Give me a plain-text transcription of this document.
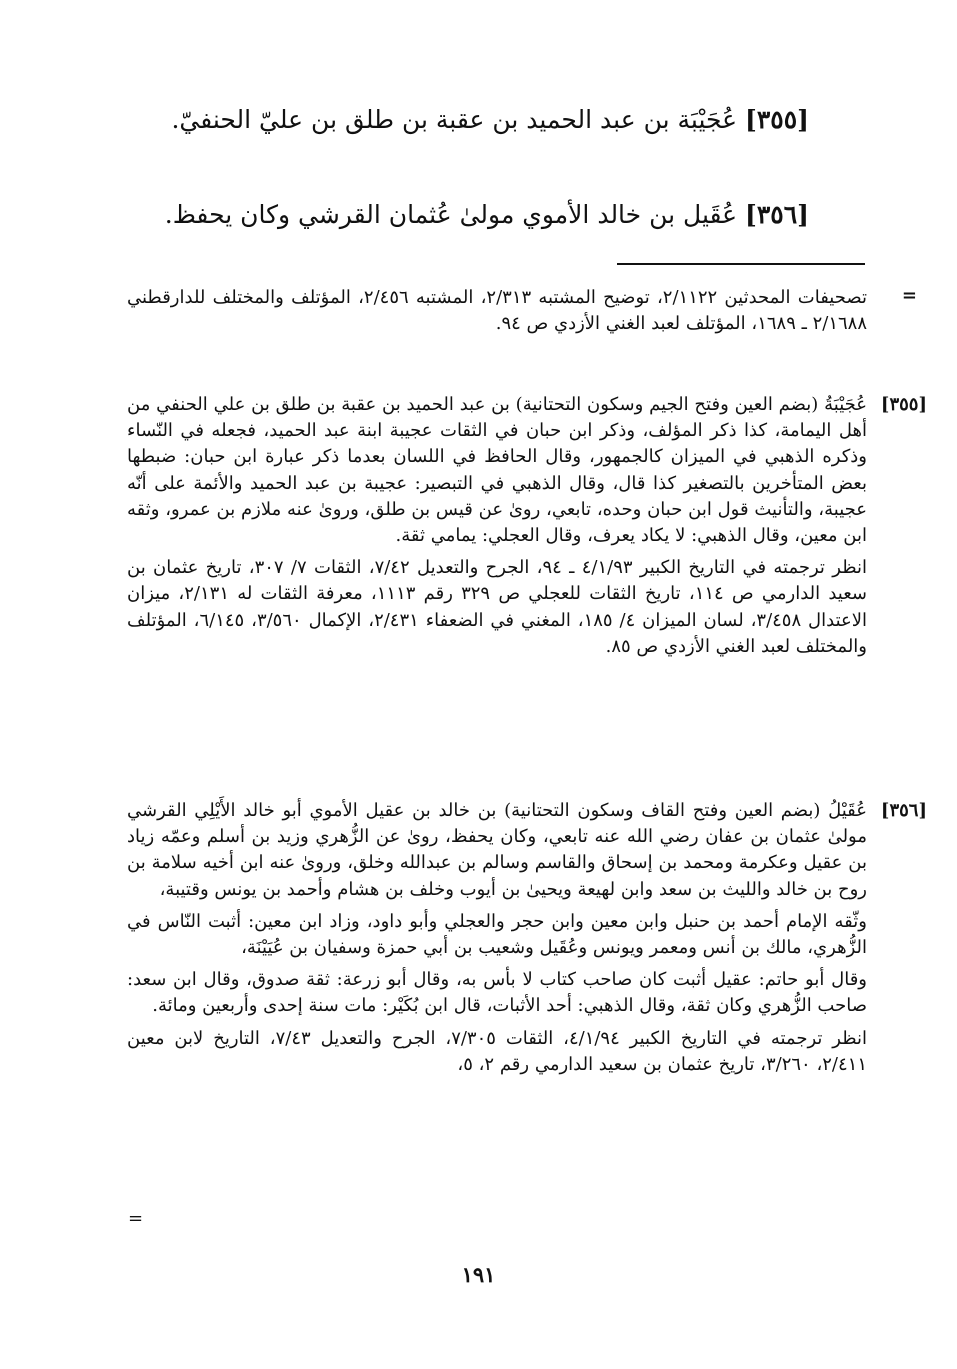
[٣٥٥] عُجَيْبَة بن عبد الحميد بن عقبة بن طلق بن عليّ الحنفيّ.
[٣٥٦] عُقَيل بن خالد الأموي مولىٰ عُثمان القرشي وكان يحفظ.
=

تصحيفات المحدثين ٢/١١٢٢، توضيح المشتبه ٢/٣١٣، المشتبه ٢/٤٥٦، المؤتلف والمختلف للدارقطني ٢/١٦٨٨ ـ ١٦٨٩، المؤتلف لعبد الغني الأزدي ص ٩٤.

[٣٥٥]

عُجَيْبَةُ (بضم العين وفتح الجيم وسكون التحتانية) بن عبد الحميد بن عقبة بن طلق بن علي الحنفي من أهل اليمامة، كذا ذكر المؤلف، وذكر ابن حبان في الثقات عجيبة ابنة عبد الحميد، فجعله في النّساء وذكره الذهبي في الميزان كالجمهور، وقال الحافظ في اللسان بعدما ذكر عبارة ابن حبان: ضبطها بعض المتأخرين بالتصغير كذا قال، وقال الذهبي في التبصير: عجيبة بن عبد الحميد والأئمة على أنّه عجيبة، والتأنيث قول ابن حبان وحده، تابعي، روىٰ عن قيس بن طلق، وروىٰ عنه ملازم بن عمرو، وثقه ابن معين، وقال الذهبي: لا يكاد يعرف، وقال العجلي: يمامي ثقة.

انظر ترجمته في التاريخ الكبير ٤/١/٩٣ ـ ٩٤، الجرح والتعديل ٧/٤٢، الثقات ٧/ ٣٠٧، تاريخ عثمان بن سعيد الدارمي ص ١١٤، تاريخ الثقات للعجلي ص ٣٢٩ رقم ١١١٣، معرفة الثقات له ٢/١٣١، ميزان الاعتدال ٣/٤٥٨، لسان الميزان ٤/ ١٨٥، المغني في الضعفاء ٢/٤٣١، الإكمال ٣/٥٦٠، ٦/١٤٥، المؤتلف والمختلف لعبد الغني الأزدي ص ٨٥.

[٣٥٦]

عُقَيْلُ (بضم العين وفتح القاف وسكون التحتانية) بن خالد بن عقيل الأموي أبو خالد الأَيْلِي القرشي مولىٰ عثمان بن عفان رضي الله عنه تابعي، وكان يحفظ، روىٰ عن الزُّهري وزيد بن أسلم وعمّه زياد بن عقيل وعكرمة ومحمد بن إسحاق والقاسم وسالم بن عبدالله وخلق، وروىٰ عنه ابن أخيه سلامة بن روح بن خالد والليث بن سعد وابن لهيعة ويحيىٰ بن أيوب وخلف بن هشام وأحمد بن يونس وقتيبة،

وثّقه الإمام أحمد بن حنبل وابن معين وابن حجر والعجلي وأبو داود، وزاد ابن معين: أثبت النّاس في الزُّهري، مالك بن أنس ومعمر ويونس وعُقَيل وشعيب بن أبي حمزة وسفيان بن عُيَيْنَة،

وقال أبو حاتم: عقيل أثبت كان صاحب كتاب لا بأس به، وقال أبو زرعة: ثقة صدوق، وقال ابن سعد: صاحب الزُّهري وكان ثقة، وقال الذهبي: أحد الأثبات، قال ابن بُكَيْر: مات سنة إحدى وأربعين ومائة.

انظر ترجمته في التاريخ الكبير ٤/١/٩٤، الثقات ٧/٣٠٥، الجرح والتعديل ٧/٤٣، التاريخ لابن معين ٢/٤١١، ٣/٢٦٠، تاريخ عثمان بن سعيد الدارمي رقم ٢، ٥،

=
١٩١
